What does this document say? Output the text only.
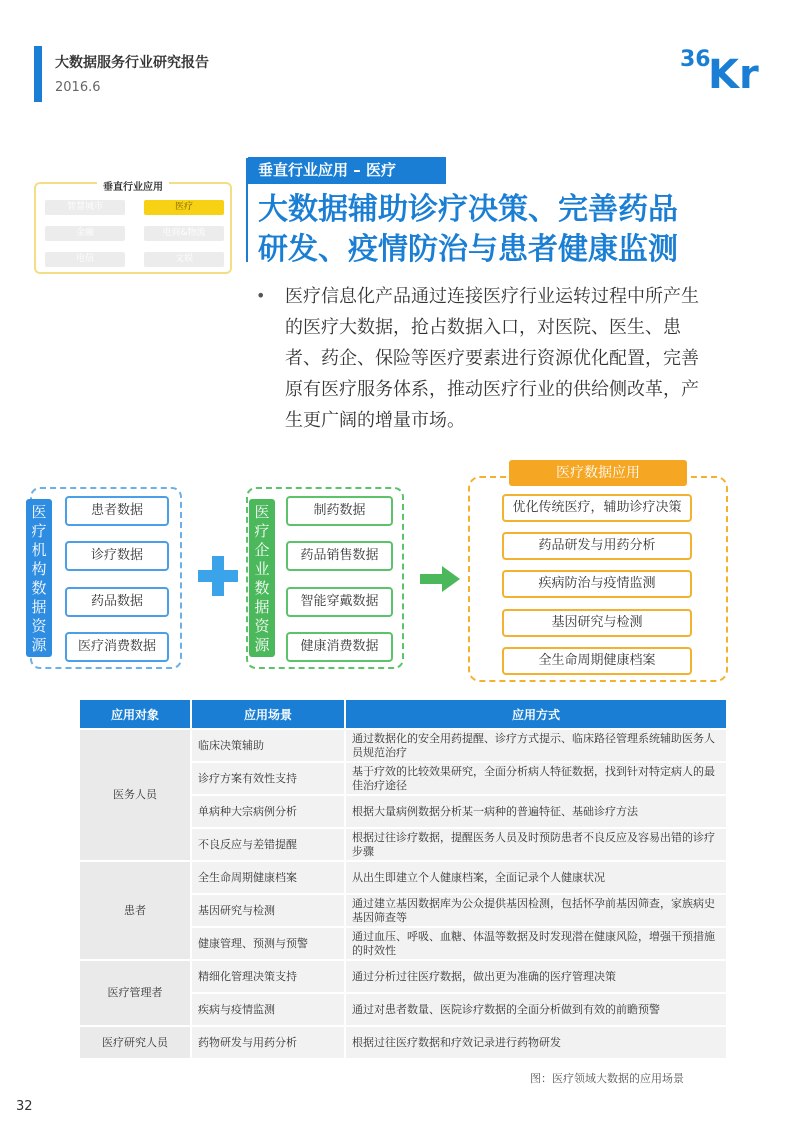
大数据服务行业研究报告
2016.6
36
Kr
垂直行业应用
智慧城市	医疗
金融	电商&物流
电信	文娱
垂直行业应用 – 医疗
大数据辅助诊疗决策、完善药品
研发、疫情防治与患者健康监测
• 医疗信息化产品通过连接医疗行业运转过程中所产生
的医疗大数据，抢占数据入口，对医院、医生、患
者、药企、保险等医疗要素进行资源优化配置，完善
原有医疗服务体系，推动医疗行业的供给侧改革，产
生更广阔的增量市场。
医
疗
机
构
数
据
资
源
患者数据
诊疗数据
药品数据
医疗消费数据
医
疗
企
业
数
据
资
源
制药数据
药品销售数据
智能穿戴数据
健康消费数据
医疗数据应用
优化传统医疗，辅助诊疗决策
药品研发与用药分析
疾病防治与疫情监测
基因研究与检测
全生命周期健康档案
应用对象	应用场景	应用方式
医务人员	临床决策辅助	通过数据化的安全用药提醒、诊疗方式提示、临床路径管理系统辅助医务人员规范治疗
	诊疗方案有效性支持	基于疗效的比较效果研究，全面分析病人特征数据，找到针对特定病人的最佳治疗途径
	单病种大宗病例分析	根据大量病例数据分析某一病种的普遍特征、基础诊疗方法
	不良反应与差错提醒	根据过往诊疗数据，提醒医务人员及时预防患者不良反应及容易出错的诊疗步骤
患者	全生命周期健康档案	从出生即建立个人健康档案，全面记录个人健康状况
	基因研究与检测	通过建立基因数据库为公众提供基因检测，包括怀孕前基因筛查，家族病史基因筛查等
	健康管理、预测与预警	通过血压、呼吸、血糖、体温等数据及时发现潜在健康风险，增强干预措施的时效性
医疗管理者	精细化管理决策支持	通过分析过往医疗数据，做出更为准确的医疗管理决策
	疾病与疫情监测	通过对患者数量、医院诊疗数据的全面分析做到有效的前瞻预警
医疗研究人员	药物研发与用药分析	根据过往医疗数据和疗效记录进行药物研发
图：医疗领域大数据的应用场景
32
